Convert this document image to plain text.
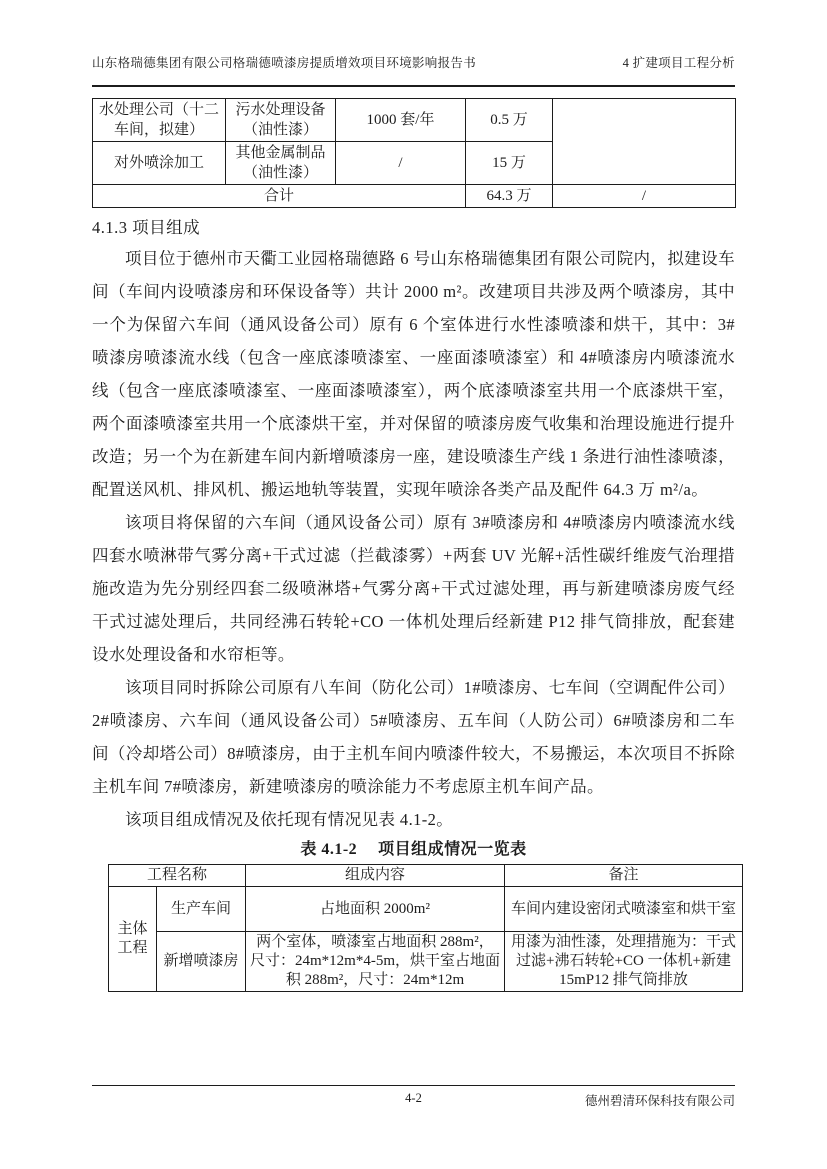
山东格瑞德集团有限公司格瑞德喷漆房提质增效项目环境影响报告书	4 扩建项目工程分析
水处理公司（十二车间，拟建）	污水处理设备（油性漆）	1000 套/年	0.5 万	
对外喷涂加工	其他金属制品（油性漆）	/	15 万	
合计			64.3 万	/
4.1.3 项目组成

项目位于德州市天衢工业园格瑞德路 6 号山东格瑞德集团有限公司院内，拟建设车间（车间内设喷漆房和环保设备等）共计 2000 m²。改建项目共涉及两个喷漆房，其中一个为保留六车间（通风设备公司）原有 6 个室体进行水性漆喷漆和烘干，其中：3#喷漆房喷漆流水线（包含一座底漆喷漆室、一座面漆喷漆室）和 4#喷漆房内喷漆流水线（包含一座底漆喷漆室、一座面漆喷漆室），两个底漆喷漆室共用一个底漆烘干室，两个面漆喷漆室共用一个底漆烘干室，并对保留的喷漆房废气收集和治理设施进行提升改造；另一个为在新建车间内新增喷漆房一座，建设喷漆生产线 1 条进行油性漆喷漆，配置送风机、排风机、搬运地轨等装置，实现年喷涂各类产品及配件 64.3 万 m²/a。

该项目将保留的六车间（通风设备公司）原有 3#喷漆房和 4#喷漆房内喷漆流水线四套水喷淋带气雾分离+干式过滤（拦截漆雾）+两套 UV 光解+活性碳纤维废气治理措施改造为先分别经四套二级喷淋塔+气雾分离+干式过滤处理，再与新建喷漆房废气经干式过滤处理后，共同经沸石转轮+CO 一体机处理后经新建 P12 排气筒排放，配套建设水处理设备和水帘柜等。

该项目同时拆除公司原有八车间（防化公司）1#喷漆房、七车间（空调配件公司）2#喷漆房、六车间（通风设备公司）5#喷漆房、五车间（人防公司）6#喷漆房和二车间（冷却塔公司）8#喷漆房，由于主机车间内喷漆件较大，不易搬运，本次项目不拆除主机车间 7#喷漆房，新建喷漆房的喷涂能力不考虑原主机车间产品。

该项目组成情况及依托现有情况见表 4.1-2。

表 4.1-2　 项目组成情况一览表
工程名称		组成内容	备注
主体工程	生产车间	占地面积 2000m²	车间内建设密闭式喷漆室和烘干室
	新增喷漆房	两个室体，喷漆室占地面积 288m²，尺寸：24m*12m*4-5m，烘干室占地面积 288m²，尺寸：24m*12m	用漆为油性漆，处理措施为：干式过滤+沸石转轮+CO 一体机+新建 15mP12 排气筒排放
4-2	德州碧清环保科技有限公司
